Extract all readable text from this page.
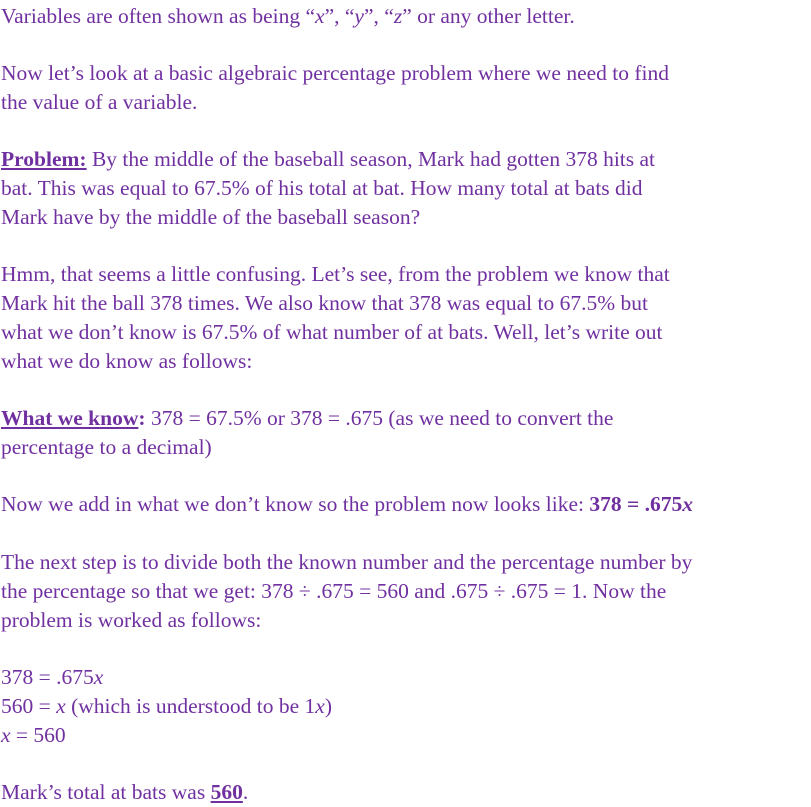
Variables are often shown as being “x”, “y”, “z” or any other letter.
Now let’s look at a basic algebraic percentage problem where we need to find
the value of a variable.
Problem: By the middle of the baseball season, Mark had gotten 378 hits at
bat. This was equal to 67.5% of his total at bat. How many total at bats did
Mark have by the middle of the baseball season?
Hmm, that seems a little confusing. Let’s see, from the problem we know that
Mark hit the ball 378 times. We also know that 378 was equal to 67.5% but
what we don’t know is 67.5% of what number of at bats. Well, let’s write out
what we do know as follows:
What we know: 378 = 67.5% or 378 = .675 (as we need to convert the
percentage to a decimal)
Now we add in what we don’t know so the problem now looks like: 378 = .675x
The next step is to divide both the known number and the percentage number by
the percentage so that we get: 378 ÷ .675 = 560 and .675 ÷ .675 = 1. Now the
problem is worked as follows:
378 = .675x
560 = x (which is understood to be 1x)
x = 560
Mark’s total at bats was 560.
